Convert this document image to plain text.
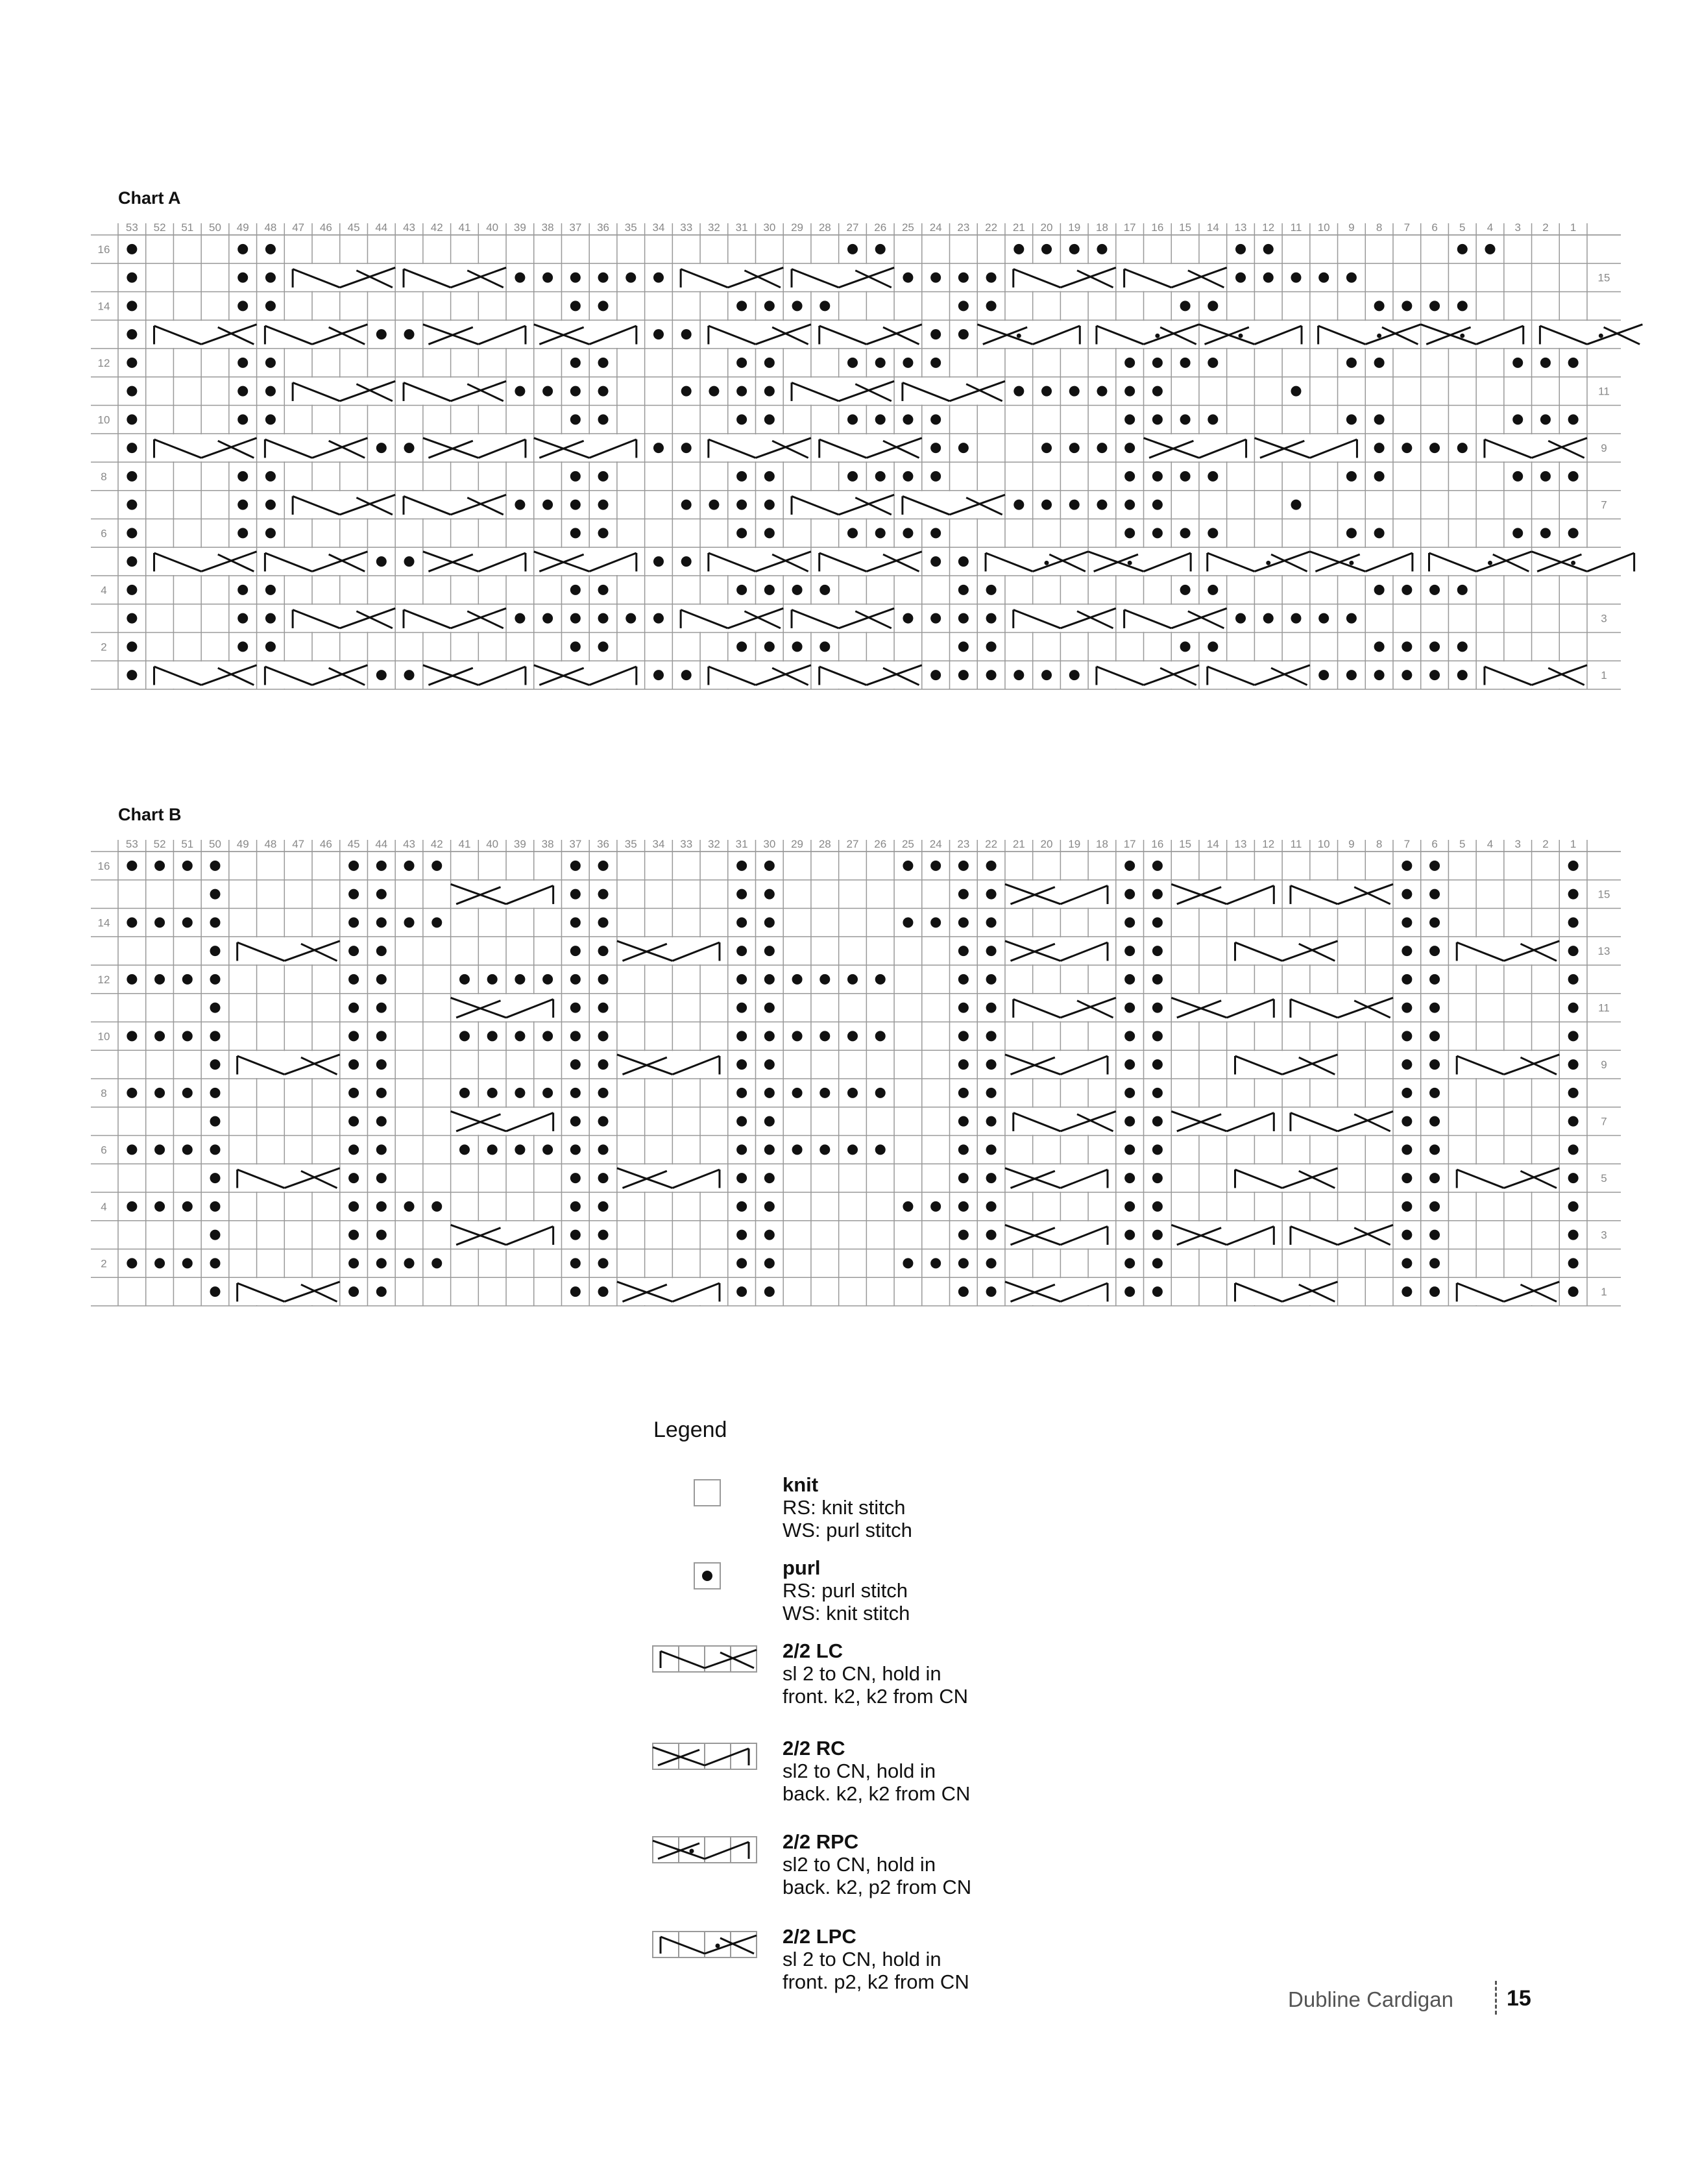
Chart A
53 52 51 50 49 48 47 46 45 44 43 42 41 40 39 38 37 36 35 34 33 32 31 30 29 28 27 26 25 24 23 22 21 20 19 18 17 16 15 14 13 12 11 10 9 8 7 6 5 4 3 2 1
16
15
14
12
11
10
9
8
7
6
4
3
2
1
Chart B
53 52 51 50 49 48 47 46 45 44 43 42 41 40 39 38 37 36 35 34 33 32 31 30 29 28 27 26 25 24 23 22 21 20 19 18 17 16 15 14 13 12 11 10 9 8 7 6 5 4 3 2 1
16
15
14
13
12
11
10
9
8
7
6
5
4
3
2
1
Legend
knit
RS: knit stitch
WS: purl stitch
purl
RS: purl stitch
WS: knit stitch
2/2 LC
sl 2 to CN, hold in
front. k2, k2 from CN
2/2 RC
sl2 to CN, hold in
back. k2, k2 from CN
2/2 RPC
sl2 to CN, hold in
back. k2, p2 from CN
2/2 LPC
sl 2 to CN, hold in
front. p2, k2 from CN
Dubline Cardigan 15
